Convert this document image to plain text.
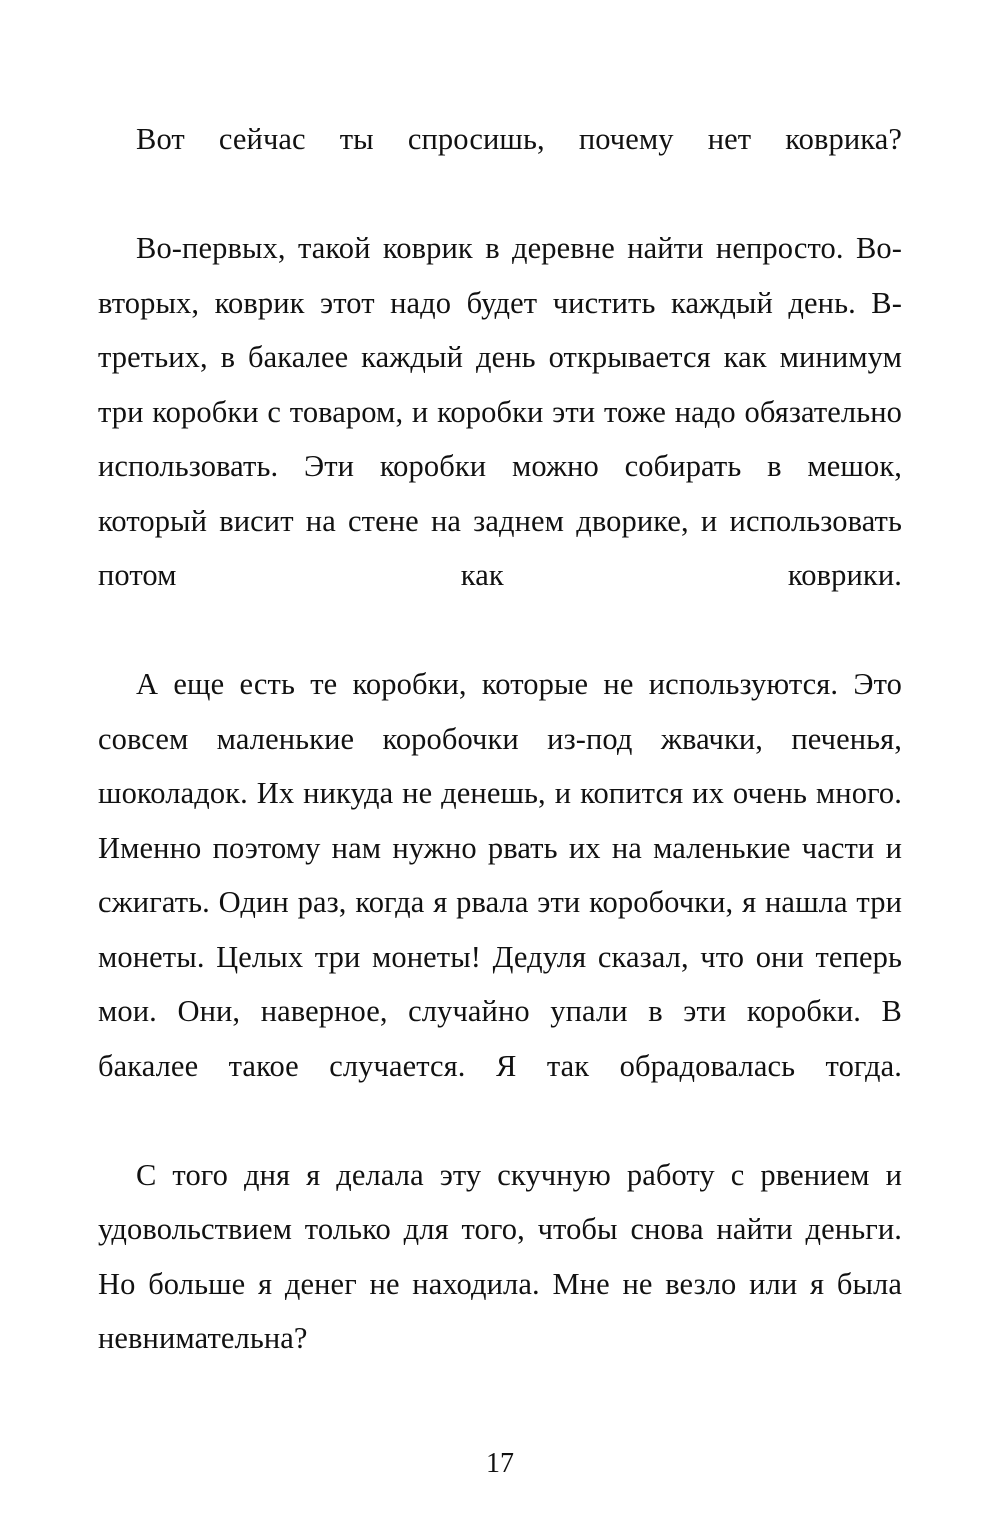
Вот сейчас ты спросишь, почему нет коврика?

Во-первых, такой коврик в деревне найти непросто. Во-вторых, коврик этот надо будет чистить каждый день. В-третьих, в бакалее каждый день открывается как минимум три коробки с товаром, и коробки эти тоже надо обязательно использовать. Эти коробки можно собирать в мешок, который висит на стене на заднем дворике, и использовать потом как коврики.

А еще есть те коробки, которые не используются. Это совсем маленькие коробочки из-под жвачки, печенья, шоколадок. Их никуда не денешь, и копится их очень много. Именно поэтому нам нужно рвать их на маленькие части и сжигать. Один раз, когда я рвала эти коробочки, я нашла три монеты. Целых три монеты! Дедуля сказал, что они теперь мои. Они, наверное, случайно упали в эти коробки. В бакалее такое случается. Я так обрадовалась тогда.

С того дня я делала эту скучную работу с рвением и удовольствием только для того, чтобы снова найти деньги. Но больше я денег не находила. Мне не везло или я была невнимательна?

17
